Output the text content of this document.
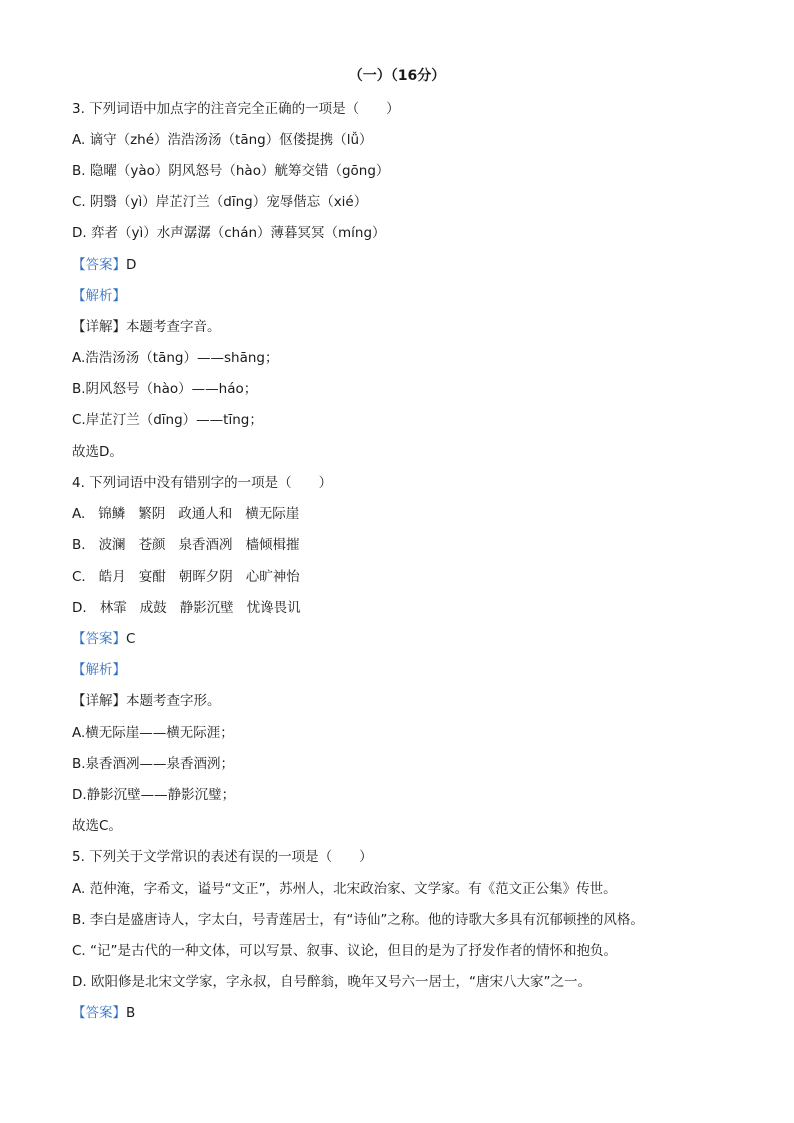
（一）（16分）
3. 下列词语中加点字的注音完全正确的一项是（　　）
A. 谪守（zhé）浩浩汤汤（tāng）伛偻提携（lǚ）
B. 隐曜（yào）阴风怒号（hào）觥筹交错（gōng）
C. 阴翳（yì）岸芷汀兰（dīng）宠辱偕忘（xié）
D. 弈者（yì）水声潺潺（chán）薄暮冥冥（míng）
【答案】D
【解析】
【详解】本题考查字音。
A.浩浩汤汤（tāng）——shāng；
B.阴风怒号（hào）——háo；
C.岸芷汀兰（dīng）——tīng；
故选D。
4. 下列词语中没有错别字的一项是（　　）
A. 锦鳞 繁阴 政通人和 横无际崖
B. 波澜 苍颜 泉香酒冽 樯倾楫摧
C. 皓月 宴酣 朝晖夕阴 心旷神怡
D. 林霏 成鼓 静影沉壁 忧谗畏讥
【答案】C
【解析】
【详解】本题考查字形。
A.横无际崖——横无际涯；
B.泉香酒冽——泉香酒洌；
D.静影沉壁——静影沉璧；
故选C。
5. 下列关于文学常识的表述有误的一项是（　　）
A. 范仲淹，字希文，谥号“文正”，苏州人，北宋政治家、文学家。有《范文正公集》传世。
B. 李白是盛唐诗人，字太白，号青莲居士，有“诗仙”之称。他的诗歌大多具有沉郁顿挫的风格。
C. “记”是古代的一种文体，可以写景、叙事、议论，但目的是为了抒发作者的情怀和抱负。
D. 欧阳修是北宋文学家，字永叔，自号醉翁，晚年又号六一居士，“唐宋八大家”之一。
【答案】B
